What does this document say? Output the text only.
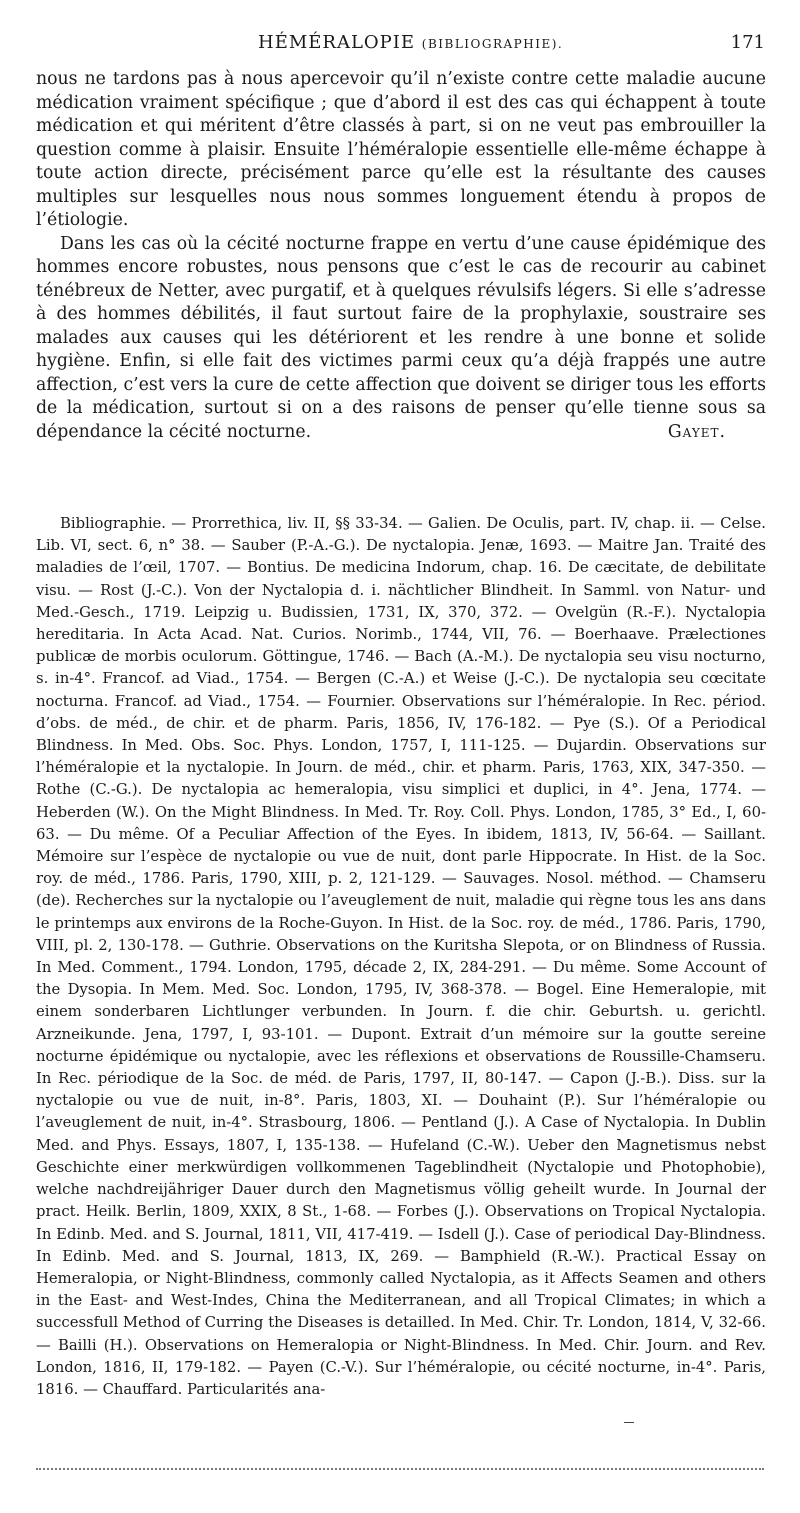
HÉMÉRALOPIE (BIBLIOGRAPHIE).	171

nous ne tardons pas à nous apercevoir qu’il n’existe contre cette maladie aucune médication vraiment spécifique ; que d’abord il est des cas qui échappent à toute médication et qui méritent d’être classés à part, si on ne veut pas embrouiller la question comme à plaisir. Ensuite l’héméralopie essentielle elle-même échappe à toute action directe, précisément parce qu’elle est la résultante des causes multiples sur lesquelles nous nous sommes longuement étendu à propos de l’étiologie.

Dans les cas où la cécité nocturne frappe en vertu d’une cause épidémique des hommes encore robustes, nous pensons que c’est le cas de recourir au cabinet ténébreux de Netter, avec purgatif, et à quelques révulsifs légers. Si elle s’adresse à des hommes débilités, il faut surtout faire de la prophylaxie, soustraire ses malades aux causes qui les détériorent et les rendre à une bonne et solide hygiène. Enfin, si elle fait des victimes parmi ceux qu’a déjà frappés une autre affection, c’est vers la cure de cette affection que doivent se diriger tous les efforts de la médication, surtout si on a des raisons de penser qu’elle tienne sous sa dépendance la cécité nocturne.	Gayet.
Bibliographie. — Prorrethica, liv. II, §§ 33-34. — Galien. De Oculis, part. IV, chap. ii. — Celse. Lib. VI, sect. 6, n° 38. — Sauber (P.-A.-G.). De nyctalopia. Jenæ, 1693. — Maitre Jan. Traité des maladies de l’œil, 1707. — Bontius. De medicina Indorum, chap. 16. De cæcitate, de debilitate visu. — Rost (J.-C.). Von der Nyctalopia d. i. nächtlicher Blindheit. In Samml. von Natur- und Med.-Gesch., 1719. Leipzig u. Budissien, 1731, IX, 370, 372. — Ovelgün (R.-F.). Nyctalopia hereditaria. In Acta Acad. Nat. Curios. Norimb., 1744, VII, 76. — Boerhaave. Prælectiones publicæ de morbis oculorum. Göttingue, 1746. — Bach (A.-M.). De nyctalopia seu visu nocturno, s. in-4°. Francof. ad Viad., 1754. — Bergen (C.-A.) et Weise (J.-C.). De nyctalopia seu cœcitate nocturna. Francof. ad Viad., 1754. — Fournier. Observations sur l’héméralopie. In Rec. périod. d’obs. de méd., de chir. et de pharm. Paris, 1856, IV, 176-182. — Pye (S.). Of a Periodical Blindness. In Med. Obs. Soc. Phys. London, 1757, I, 111-125. — Dujardin. Observations sur l’héméralopie et la nyctalopie. In Journ. de méd., chir. et pharm. Paris, 1763, XIX, 347-350. — Rothe (C.-G.). De nyctalopia ac hemeralopia, visu simplici et duplici, in 4°. Jena, 1774. — Heberden (W.). On the Might Blindness. In Med. Tr. Roy. Coll. Phys. London, 1785, 3° Ed., I, 60-63. — Du même. Of a Peculiar Affection of the Eyes. In ibidem, 1813, IV, 56-64. — Saillant. Mémoire sur l’espèce de nyctalopie ou vue de nuit, dont parle Hippocrate. In Hist. de la Soc. roy. de méd., 1786. Paris, 1790, XIII, p. 2, 121-129. — Sauvages. Nosol. méthod. — Chamseru (de). Recherches sur la nyctalopie ou l’aveuglement de nuit, maladie qui règne tous les ans dans le printemps aux environs de la Roche-Guyon. In Hist. de la Soc. roy. de méd., 1786. Paris, 1790, VIII, pl. 2, 130-178. — Guthrie. Observations on the Kuritsha Slepota, or on Blindness of Russia. In Med. Comment., 1794. London, 1795, décade 2, IX, 284-291. — Du même. Some Account of the Dysopia. In Mem. Med. Soc. London, 1795, IV, 368-378. — Bogel. Eine Hemeralopie, mit einem sonderbaren Lichtlunger verbunden. In Journ. f. die chir. Geburtsh. u. gerichtl. Arzneikunde. Jena, 1797, I, 93-101. — Dupont. Extrait d’un mémoire sur la goutte sereine nocturne épidémique ou nyctalopie, avec les réflexions et observations de Roussille-Chamseru. In Rec. périodique de la Soc. de méd. de Paris, 1797, II, 80-147. — Capon (J.-B.). Diss. sur la nyctalopie ou vue de nuit, in-8°. Paris, 1803, XI. — Douhaint (P.). Sur l’héméralopie ou l’aveuglement de nuit, in-4°. Strasbourg, 1806. — Pentland (J.). A Case of Nyctalopia. In Dublin Med. and Phys. Essays, 1807, I, 135-138. — Hufeland (C.-W.). Ueber den Magnetismus nebst Geschichte einer merkwürdigen vollkommenen Tageblindheit (Nyctalopie und Photophobie), welche nachdreijähriger Dauer durch den Magnetismus völlig geheilt wurde. In Journal der pract. Heilk. Berlin, 1809, XXIX, 8 St., 1-68. — Forbes (J.). Observations on Tropical Nyctalopia. In Edinb. Med. and S. Journal, 1811, VII, 417-419. — Isdell (J.). Case of periodical Day-Blindness. In Edinb. Med. and S. Journal, 1813, IX, 269. — Bamphield (R.-W.). Practical Essay on Hemeralopia, or Night-Blindness, commonly called Nyctalopia, as it Affects Seamen and others in the East- and West-Indes, China the Mediterranean, and all Tropical Climates; in which a successfull Method of Curring the Diseases is detailled. In Med. Chir. Tr. London, 1814, V, 32-66. — Bailli (H.). Observations on Hemeralopia or Night-Blindness. In Med. Chir. Journ. and Rev. London, 1816, II, 179-182. — Payen (C.-V.). Sur l’héméralopie, ou cécité nocturne, in-4°. Paris, 1816. — Chauffard. Particularités ana-
